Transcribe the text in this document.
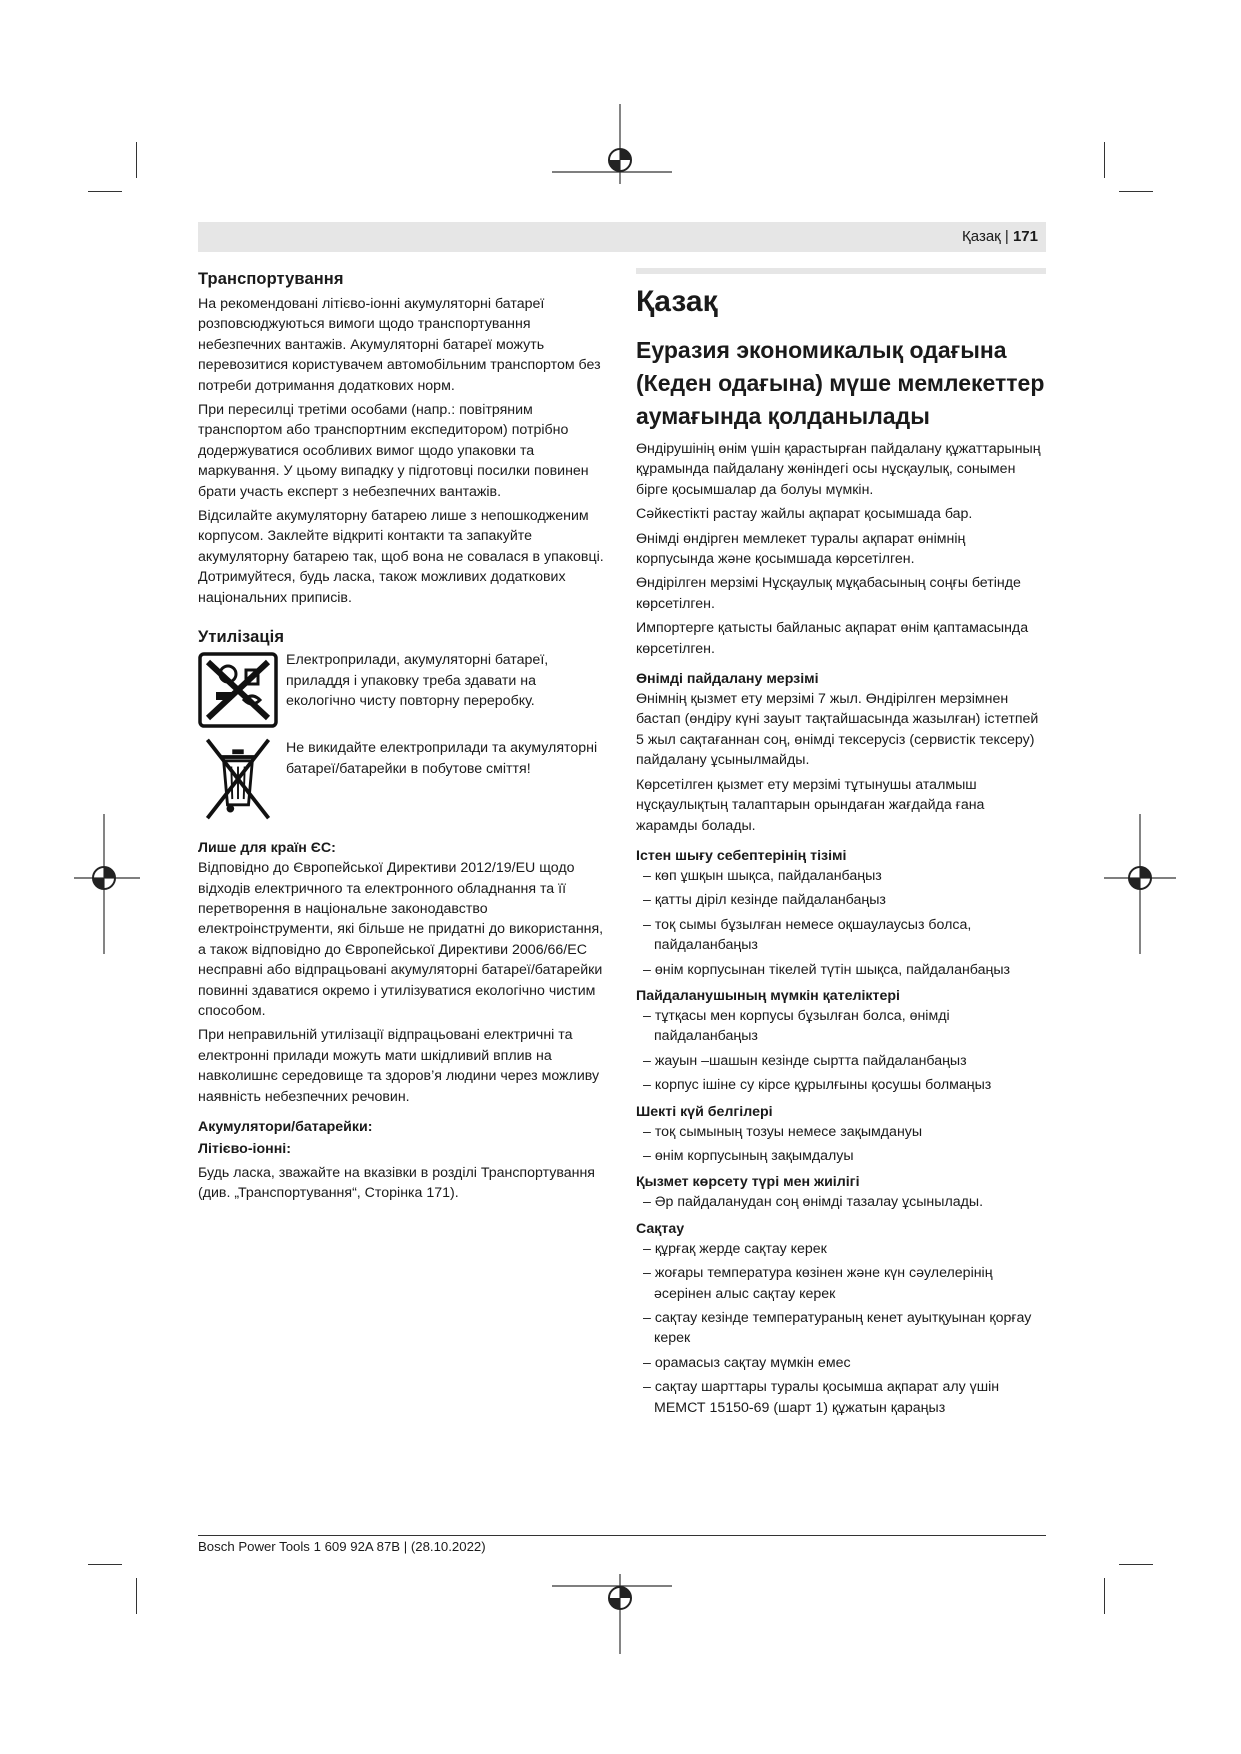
Қазақ | 171
Транспортування

На рекомендовані літієво-іонні акумуляторні батареї розповсюджуються вимоги щодо транспортування небезпечних вантажів. Акумуляторні батареї можуть перевозитися користувачем автомобільним транспортом без потреби дотримання додаткових норм.

При пересилці третіми особами (напр.: повітряним транспортом або транспортним експедитором) потрібно додержуватися особливих вимог щодо упаковки та маркування. У цьому випадку у підготовці посилки повинен брати участь експерт з небезпечних вантажів.

Відсилайте акумуляторну батарею лише з непошкодженим корпусом. Заклейте відкриті контакти та запакуйте акумуляторну батарею так, щоб вона не совалася в упаковці. Дотримуйтеся, будь ласка, також можливих додаткових національних приписів.

Утилізація

Електроприлади, акумуляторні батареї, приладдя і упаковку треба здавати на екологічно чисту повторну переробку.

Не викидайте електроприлади та акумуляторні батареї/батарейки в побутове сміття!

Лише для країн ЄС:

Відповідно до Європейської Директиви 2012/19/EU щодо відходів електричного та електронного обладнання та її перетворення в національне законодавство електроінструменти, які більше не придатні до використання, а також відповідно до Європейської Директиви 2006/66/EC несправні або відпрацьовані акумуляторні батареї/батарейки повинні здаватися окремо і утилізуватися екологічно чистим способом.

При неправильній утилізації відпрацьовані електричні та електронні прилади можуть мати шкідливий вплив на навколишнє середовище та здоров’я людини через можливу наявність небезпечних речовин.

Акумулятори/батарейки:
Літієво-іонні:

Будь ласка, зважайте на вказівки в розділі Транспортування (див. „Транспортування“, Сторінка 171).

Қазақ
Еуразия экономикалық одағына (Кеден одағына) мүше мемлекеттер аумағында қолданылады

Өндірушінің өнім үшін қарастырған пайдалану құжаттарының құрамында пайдалану жөніндегі осы нұсқаулық, сонымен бірге қосымшалар да болуы мүмкін.

Сәйкестікті растау жайлы ақпарат қосымшада бар.

Өнімді өндірген мемлекет туралы ақпарат өнімнің корпусында және қосымшада көрсетілген.

Өндірілген мерзімі Нұсқаулық мұқабасының соңғы бетінде көрсетілген.

Импортерге қатысты байланыс ақпарат өнім қаптамасында көрсетілген.

Өнімді пайдалану мерзімі

Өнімнің қызмет ету мерзімі 7 жыл. Өндірілген мерзімнен бастап (өндіру күні зауыт тақтайшасында жазылған) істетпей 5 жыл сақтағаннан соң, өнімді тексерусіз (сервистік тексеру) пайдалану ұсынылмайды.

Көрсетілген қызмет ету мерзімі тұтынушы аталмыш нұсқаулықтың талаптарын орындаған жағдайда ғана жарамды болады.

Істен шығу себептерінің тізімі
– көп ұшқын шықса, пайдаланбаңыз
– қатты діріл кезінде пайдаланбаңыз
– тоқ сымы бұзылған немесе оқшаулаусыз болса, пайдаланбаңыз
– өнім корпусынан тікелей түтін шықса, пайдаланбаңыз
Пайдаланушының мүмкін қателіктері
– тұтқасы мен корпусы бұзылған болса, өнімді пайдаланбаңыз
– жауын –шашын кезінде сыртта пайдаланбаңыз
– корпус ішіне су кірсе құрылғыны қосушы болмаңыз
Шекті күй белгілері
– тоқ сымының тозуы немесе зақымдануы
– өнім корпусының зақымдалуы
Қызмет көрсету түрі мен жиілігі
– Әр пайдаланудан соң өнімді тазалау ұсынылады.
Сақтау
– құрғақ жерде сақтау керек
– жоғары температура көзінен және күн сәулелерінің әсерінен алыс сақтау керек
– сақтау кезінде температураның кенет ауытқуынан қорғау керек
– орамасыз сақтау мүмкін емес
– сақтау шарттары туралы қосымша ақпарат алу үшін МЕМСТ 15150-69 (шарт 1) құжатын қараңыз
Bosch Power Tools 1 609 92A 87B | (28.10.2022)
